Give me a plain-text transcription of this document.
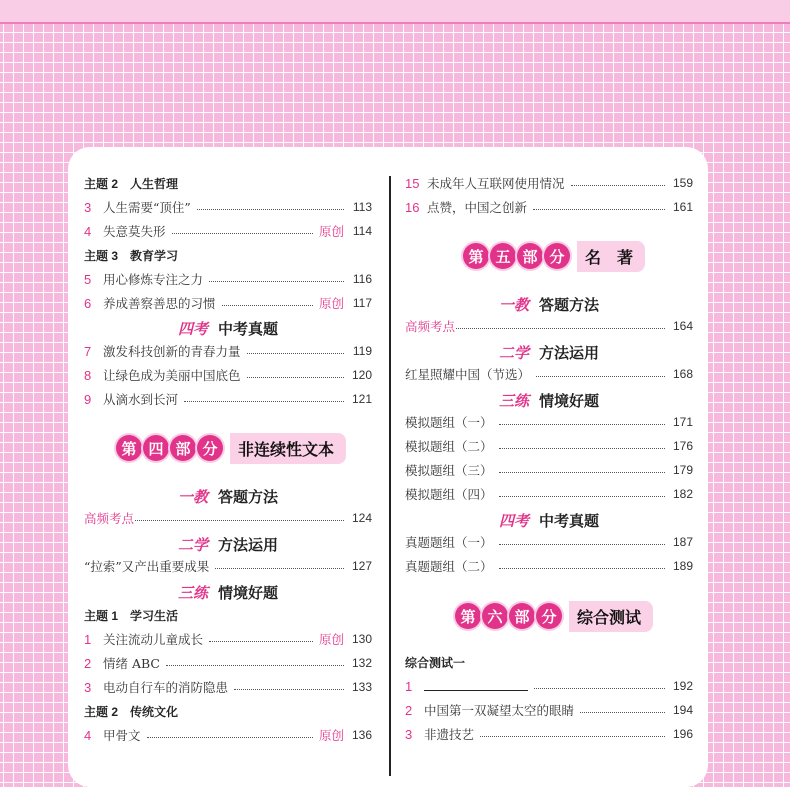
主题 2　人生哲理
3 人生需要“顶住”	113
4 失意莫失形	原创 114
主题 3　教育学习
5 用心修炼专注之力	116
6 养成善察善思的习惯	原创 117
四考 中考真题
7 激发科技创新的青春力量	119
8 让绿色成为美丽中国底色	120
9 从滴水到长河	121
第 四 部 分	非连续性文本
一教 答题方法
高频考点	124
二学 方法运用
“拉索”又产出重要成果	127
三练 情境好题
主题 1　学习生活
1 关注流动儿童成长	原创 130
2 情绪 ABC	132
3 电动自行车的消防隐患	133
主题 2　传统文化
4 甲骨文	原创 136
15 未成年人互联网使用情况	159
16 点赞，中国之创新	161
第 五 部 分	名　著
一教 答题方法
高频考点	164
二学 方法运用
红星照耀中国（节选）	168
三练 情境好题
模拟题组（一）	171
模拟题组（二）	176
模拟题组（三）	179
模拟题组（四）	182
四考 中考真题
真题题组（一）	187
真题题组（二）	189
第 六 部 分	综合测试
综合测试一
1	192
2 中国第一双凝望太空的眼睛	194
3 非遗技艺	196
